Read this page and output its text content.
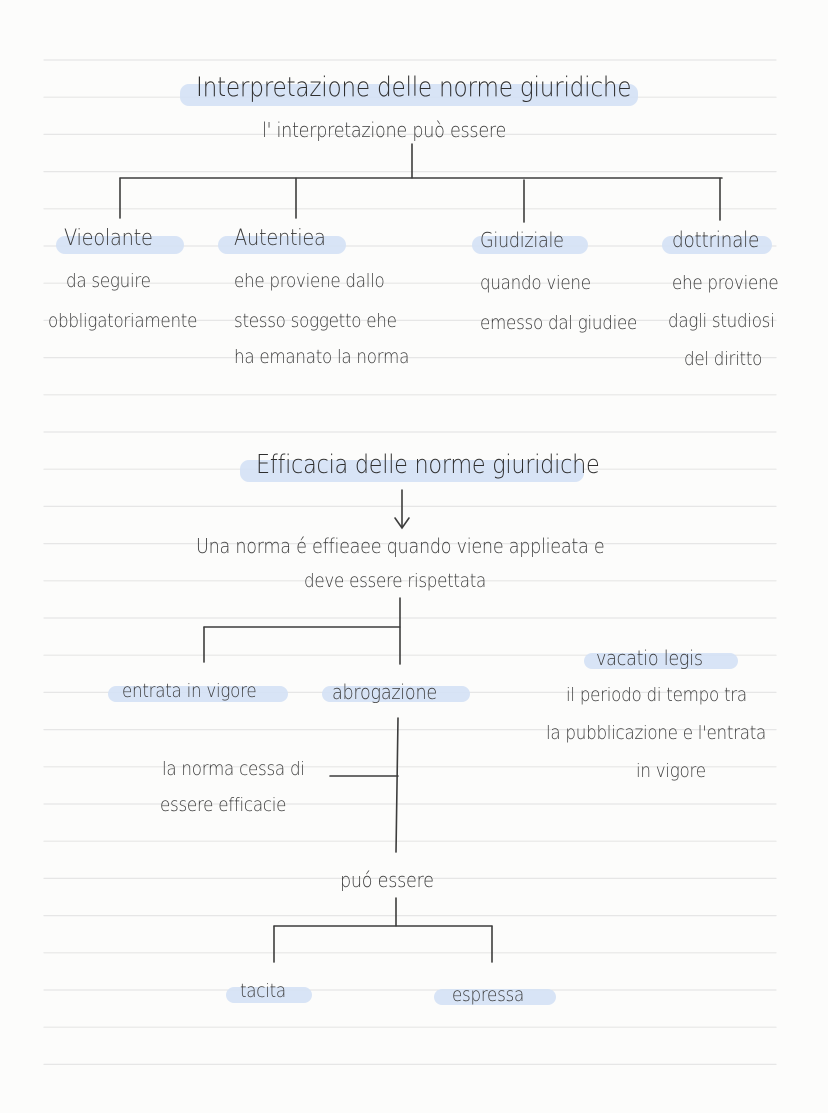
Interpretazione delle norme giuridiche
l' interpretazione può essere
Vieolante
da seguire
obbligatoriamente
Autentiea
ehe proviene dallo
stesso soggetto ehe
ha emanato la norma
Giudiziale
quando viene
emesso dal giudiee
dottrinale
ehe proviene
dagli studiosi
del diritto
Efficacia delle norme giuridiche
Una norma é effieaee quando viene applieata e
deve essere rispettata
entrata in vigore	abrogazione
la norma cessa di
essere efficacie
vacatio legis
il periodo di tempo tra
la pubblicazione e l'entrata
in vigore
puó essere
tacita	espressa
